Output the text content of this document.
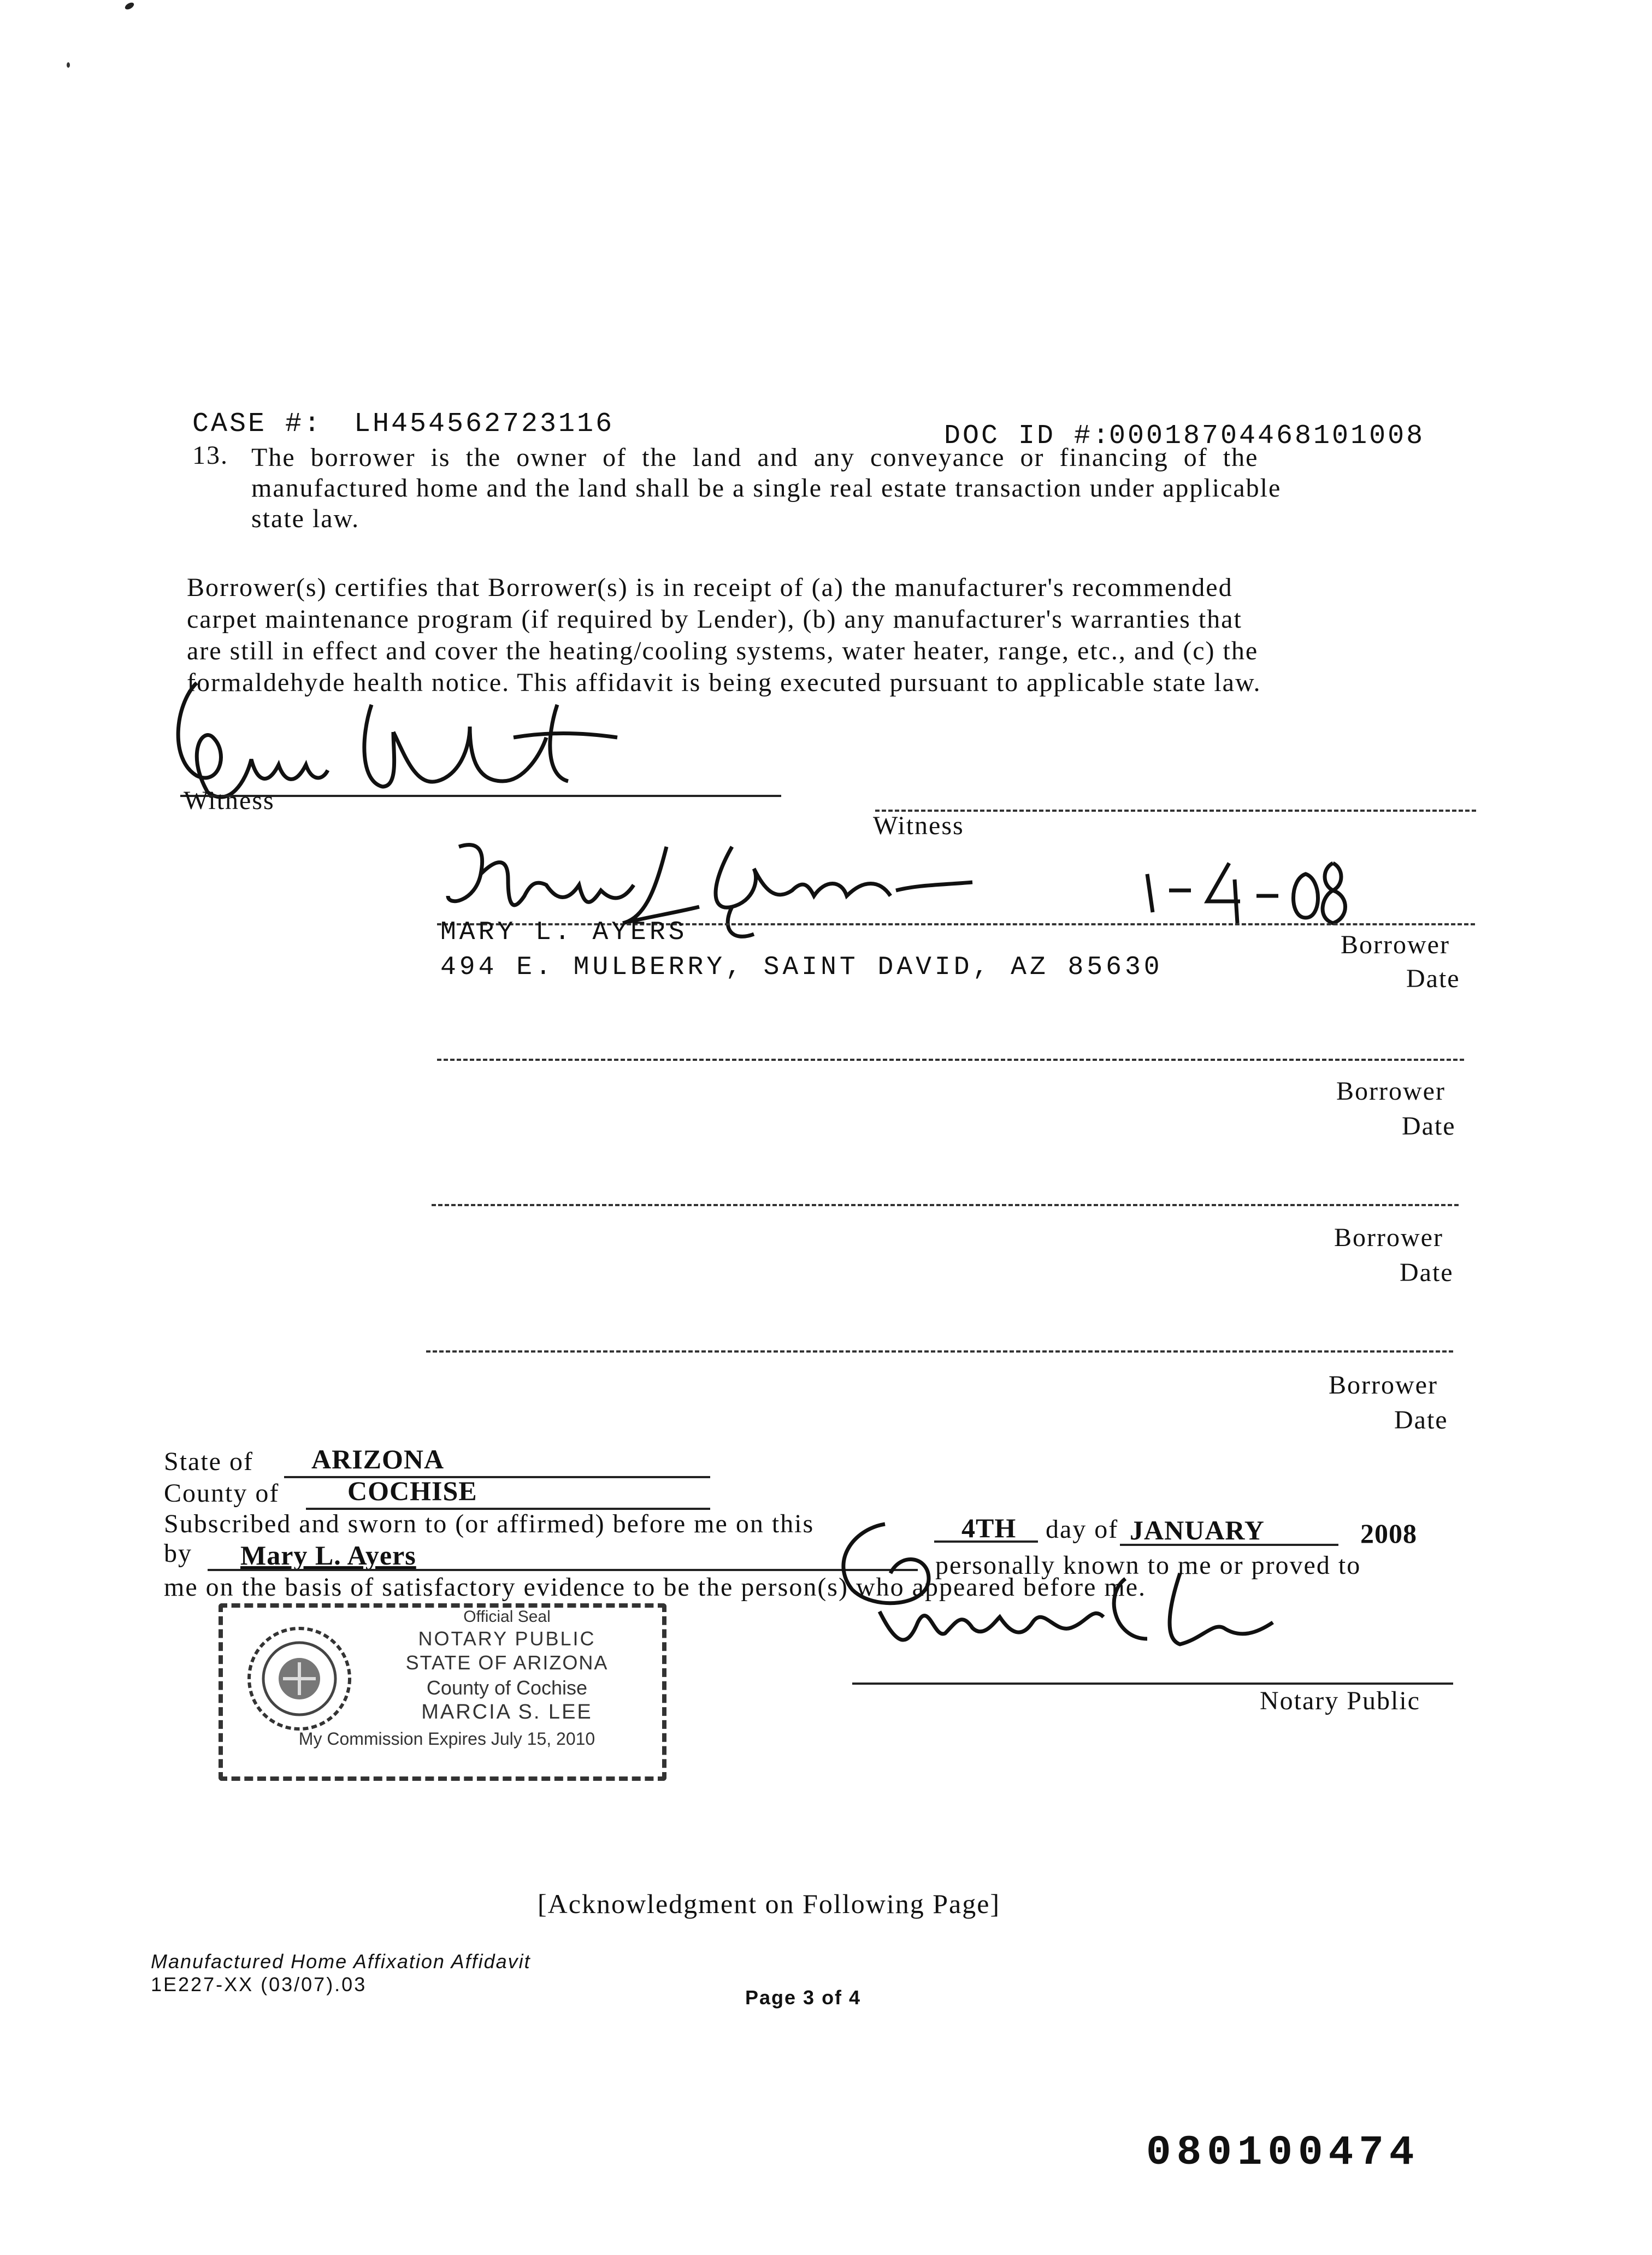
CASE #: LH454562723116	DOC ID #:
00018704468101008
13. The borrower is the owner of the land and any conveyance or financing of the
manufactured home and the land shall be a single real estate transaction under applicable
state law.
Borrower(s) certifies that Borrower(s) is in receipt of (a) the manufacturer's recommended
carpet maintenance program (if required by Lender), (b) any manufacturer's warranties that
are still in effect and cover the heating/cooling systems, water heater, range, etc., and (c) the
formaldehyde health notice. This affidavit is being executed pursuant to applicable state law.
Witness
Witness
MARY L. AYERS
494 E. MULBERRY, SAINT DAVID, AZ 85630
Borrower
Date
Borrower
Date
Borrower
Date
Borrower
Date
State of ARIZONA
County of COCHISE
Subscribed and sworn to (or affirmed) before me on this	4TH day of JANUARY	2008
by Mary L. Ayers	personally known to me or proved to
me on the basis of satisfactory evidence to be the person(s) who appeared before me.
Notary Public
Official Seal
NOTARY PUBLIC
STATE OF ARIZONA
County of Cochise
MARCIA S. LEE
My Commission Expires July 15, 2010
[Acknowledgment on Following Page]
Manufactured Home Affixation Affidavit
1E227-XX (03/07).03
Page 3 of 4
080100474
